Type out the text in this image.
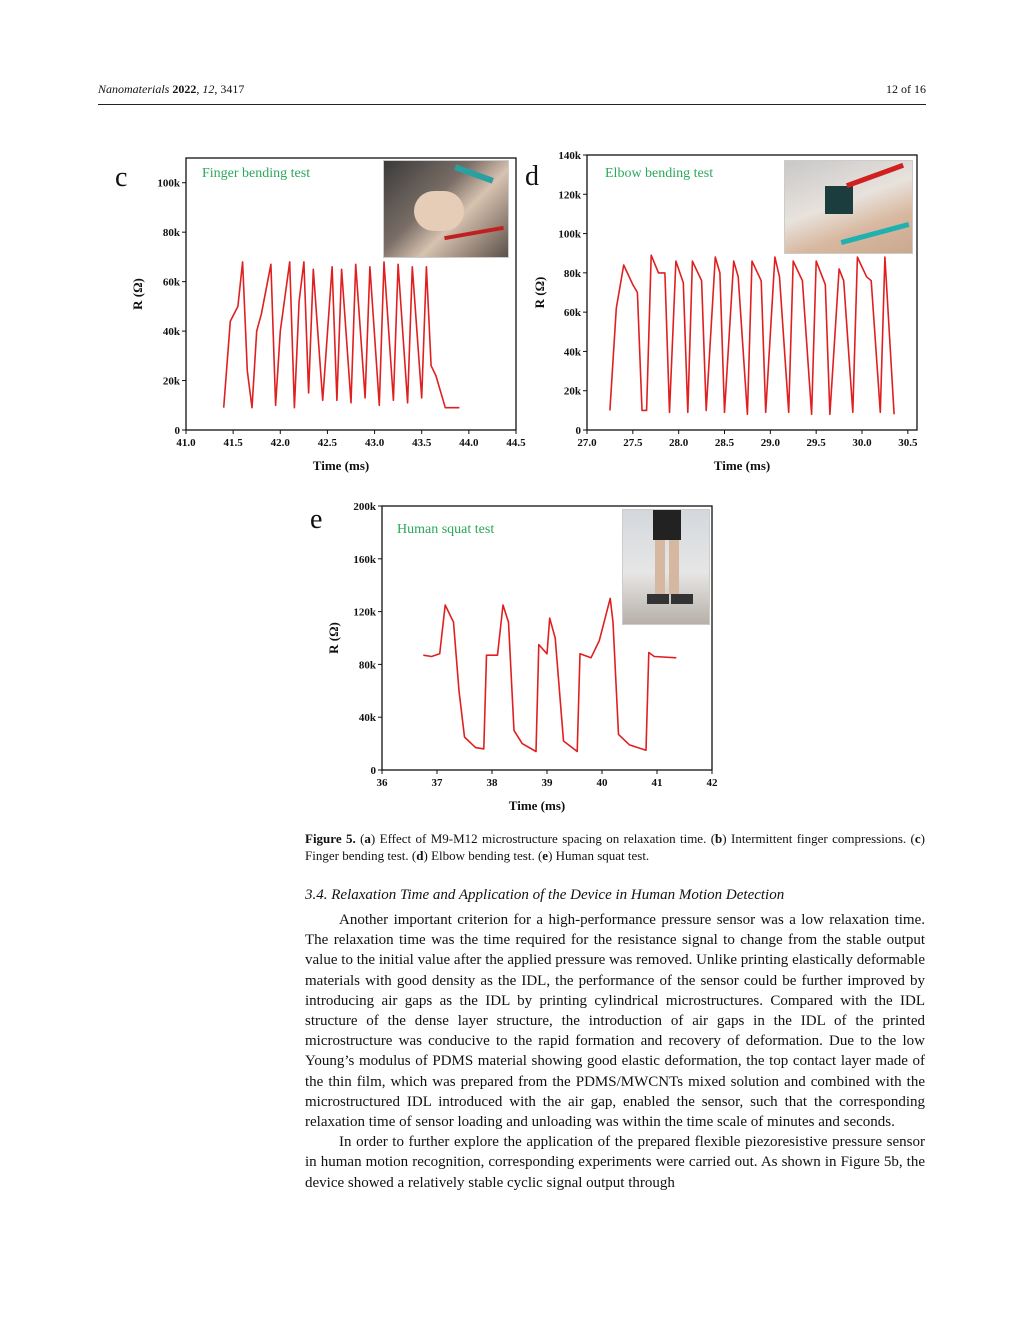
Nanomaterials 2022, 12, 3417	12 of 16
41.0	41.5	42.0	42.5	43.0	43.5	44.0	44.5
0
20k
40k
60k
80k
100k
Time (ms)
R (Ω)
c	Finger bending test
27.0 27.5 28.0 28.5 29.0 29.5 30.0 30.5
0
20k
40k
60k
80k
100k
120k
140k
Time (ms)
R (Ω)
d	Elbow bending test
36	37	38	39	40	41	42
0
40k
80k
120k
160k
200k
Time (ms)
R (Ω)
e	Human squat test
Figure 5. (a) Effect of M9-M12 microstructure spacing on relaxation time. (b) Intermittent finger compressions. (c) Finger bending test. (d) Elbow bending test. (e) Human squat test.
3.4. Relaxation Time and Application of the Device in Human Motion Detection

Another important criterion for a high-performance pressure sensor was a low relaxation time. The relaxation time was the time required for the resistance signal to change from the stable output value to the initial value after the applied pressure was removed. Unlike printing elastically deformable materials with good density as the IDL, the performance of the sensor could be further improved by introducing air gaps as the IDL by printing cylindrical microstructures. Compared with the IDL structure of the dense layer structure, the introduction of air gaps in the IDL of the printed microstructure was conducive to the rapid formation and recovery of deformation. Due to the low Young’s modulus of PDMS material showing good elastic deformation, the top contact layer made of the thin film, which was prepared from the PDMS/MWCNTs mixed solution and combined with the microstructured IDL introduced with the air gap, enabled the sensor, such that the corresponding relaxation time of sensor loading and unloading was within the time scale of minutes and seconds.

In order to further explore the application of the prepared flexible piezoresistive pressure sensor in human motion recognition, corresponding experiments were carried out. As shown in Figure 5b, the device showed a relatively stable cyclic signal output through
